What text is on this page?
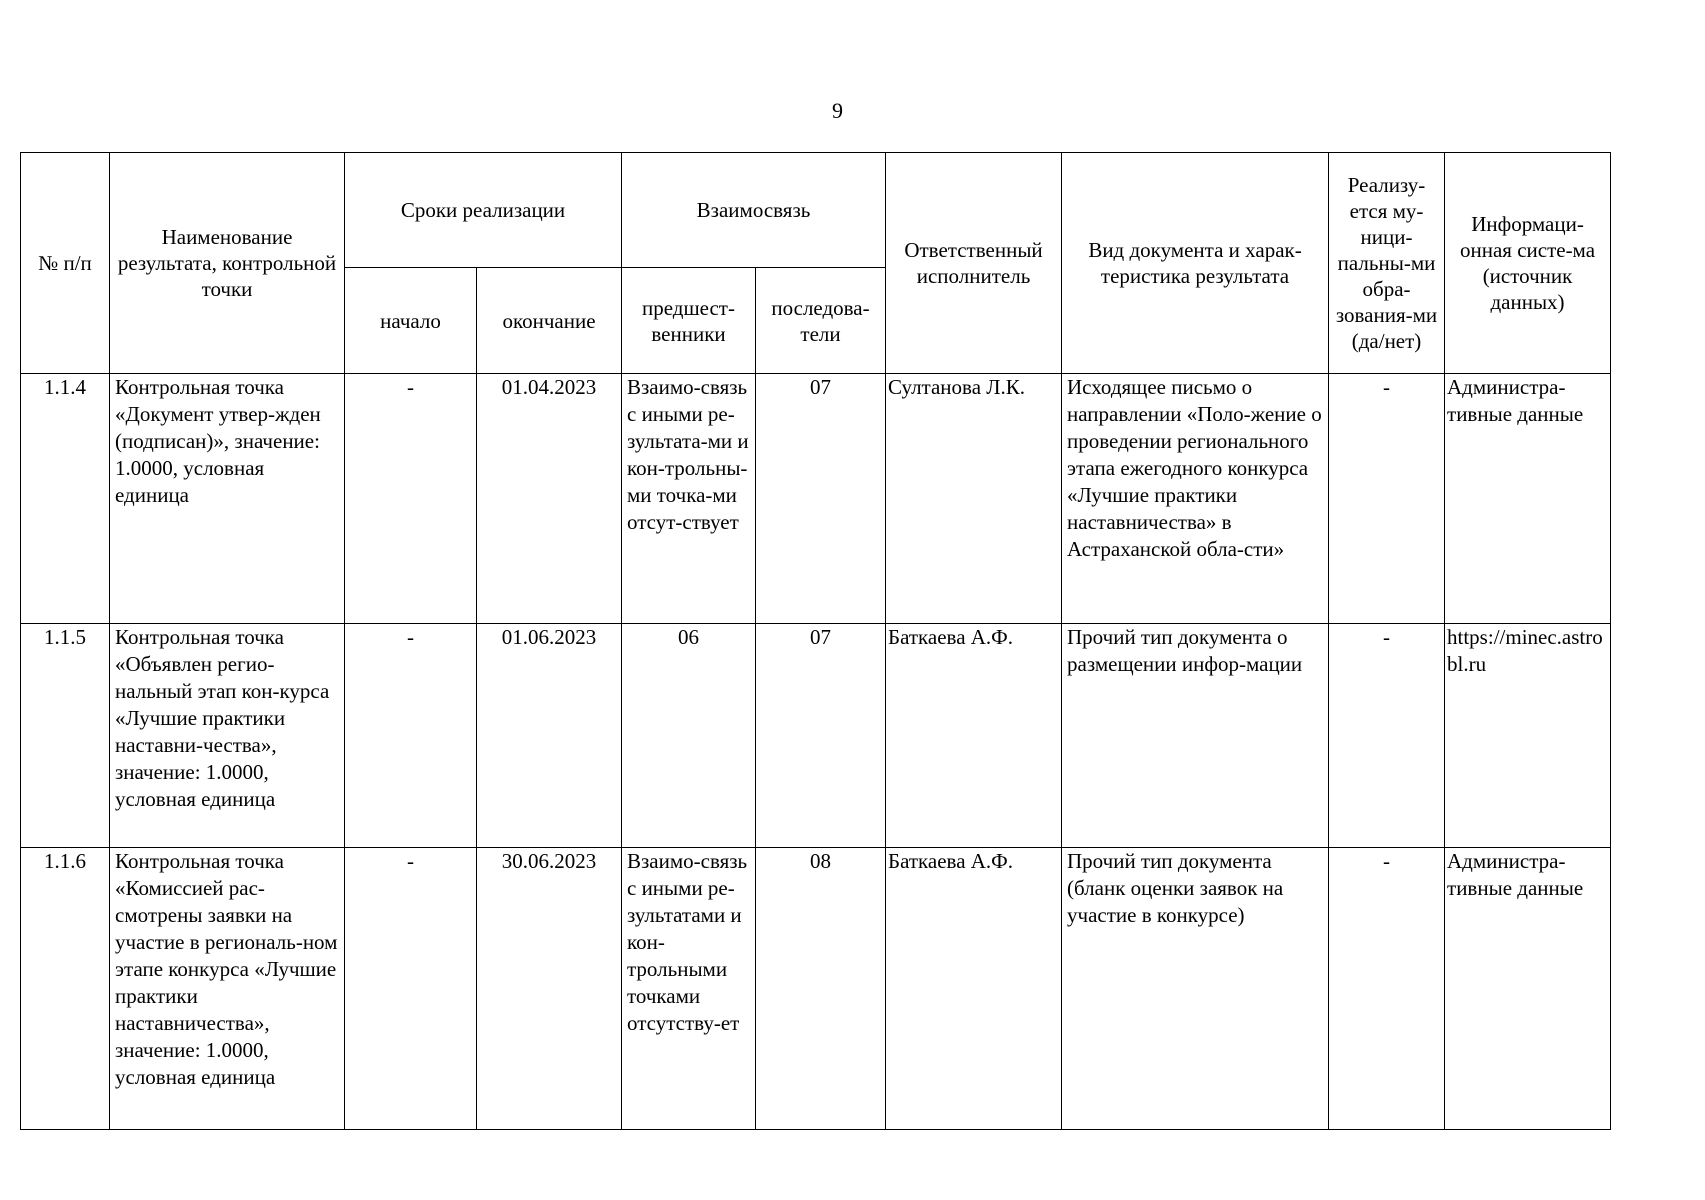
9
№ п/п	Наименование результата, контрольной точки	Сроки реализации		Взаимосвязь		Ответственный исполнитель	Вид документа и харак-теристика результата	Реализу-ется му-ници-пальны-ми обра-зования-ми (да/нет)	Информаци-онная систе-ма (источник данных)
		начало	окончание	предшест-венники	последова-тели				
1.1.4	Контрольная точка «Документ утвер-жден (подписан)», значение: 1.0000, условная единица	-	01.04.2023	Взаимо-связь с иными ре-зультата-ми и кон-трольны-ми точка-ми отсут-ствует	07	Султанова Л.К.	Исходящее письмо о направлении «Поло-жение о проведении регионального этапа ежегодного конкурса «Лучшие практики наставничества» в Астраханской обла-сти»	-	Администра-тивные данные
1.1.5	Контрольная точка «Объявлен регио-нальный этап кон-курса «Лучшие практики наставни-чества», значение: 1.0000, условная единица	-	01.06.2023	06	07	Баткаева А.Ф.	Прочий тип документа о размещении инфор-мации	-	https://minec.astrobl.ru
1.1.6	Контрольная точка «Комиссией рас-смотрены заявки на участие в региональ-ном этапе конкурса «Лучшие практики наставничества», значение: 1.0000, условная единица	-	30.06.2023	Взаимо-связь с иными ре-зультатами и кон-трольными точками отсутству-ет	08	Баткаева А.Ф.	Прочий тип документа (бланк оценки заявок на участие в конкурсе)	-	Администра-тивные данные
